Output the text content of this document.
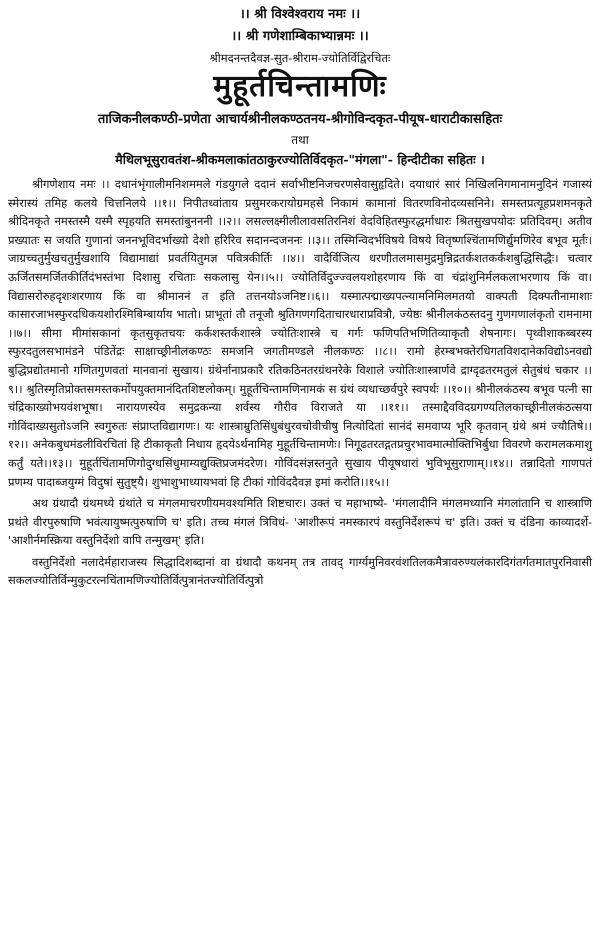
।। श्री विश्वेश्वराय नमः ।।
।। श्री गणेशाम्बिकाभ्यान्नमः ।।
श्रीमदनन्तदैवज्ञ-सुत-श्रीराम-ज्योतिर्विद्विरचितः
मुहूर्तचिन्तामणिः
ताजिकनीलकण्ठी-प्रणेता आचार्यश्रीनीलकण्ठतनय-श्रीगोविन्दकृत-पीयूष-धाराटीकासहितः
तथा
मैथिलभूसुरावतंश-श्रीकमलाकांतठाकुरज्योतिर्विदकृत-"मंगला"- हिन्दीटीका सहितः ।

श्रीगणेशाय नमः ।। दधानंभृंगालीमनिशममले गंडयुगले ददानं सर्वाभीष्टनिजचरणसेवासुहृदिते। दयाधारं सारं निखिलनिगमानामनुदिनं गजास्यं स्मेरास्यं तमिह कलये चित्तनिलये ।।१।। निपीतध्वांताय प्रसुमरकरायोग्रमहसे निकामं कामानां वितरणविनोदव्यसनिने। समस्तप्रत्यूहप्रशमनकृते श्रीदिनकृते नमस्तस्मै यस्मै स्पृहयति समस्तांबुनननी ।।२।। लसल्लक्ष्मीलीलावसतिरनिशं वेदविहितस्फुरद्धर्माधारः श्रितसुखपयोदः प्रतिदिवम्। अतीव प्रख्यातः स जयति गुणानां जननभूविदर्भाख्यो देशो हरिरिव सदानन्दजननः ।।३।। तस्मिन्विदर्भविषये विषये वितृष्णश्चिंतामणिर्द्युमणिरेव बभूव मूर्तः। जाग्रच्चतुर्मुखचतुर्मुखशायि विद्यामाद्यां प्रवर्तयितुमज्ञ पवित्रकीर्तिः ।।४।। वादैर्विजित्य धरणीतलमासमुद्रमुन्निद्रतर्कशतकर्कशबुद्धिसिद्धैः। चत्वार ऊर्जितसमर्जितकीर्तिदंभस्तंभा दिशासु रचिताः सकलासु येन।।५।। ज्योतिर्विदुज्ज्वलयशोहरणाय किं वा चंद्रांशुनिर्मलकलाभरणाय किं वा। विद्यासरोरुहदृशःशरणाय किं वा श्रीमाननं त इति तत्तनयोऽजनिष्ट।।६।। यस्मात्पद्माख्यपत्न्यामनिमिलमतयो वाक्पती दिक्पतीनामाशाः कासारजाभस्फुरदधिकयशोरश्मिबिम्बार्याय भातो। प्राभूतां तौ तनूजौ श्रुतिगणगदिताचारधाराप्रवित्रौ, ज्येष्ठः श्रीनीलकंठस्तदनु गुणगणालंकृतो रामनामा ।।७।। सीमा मीमांसकानां कृतसुकृतचयः कर्कशस्तर्कशास्त्रे ज्योतिःशास्त्रे च गर्गः फणिपतिभणितिव्याकृतौ शेषनागः। पृथ्वीशाकब्बरस्य स्फुरदतुलसभामंडने पंडितेंद्रः साक्षाच्छ्रीनीलकण्ठः समजनि जगतीमण्डले नीलकण्ठः ।।८।। रामो हेरम्बभक्तेरधिगतविशदानेकविद्योऽनवद्यो बुद्धिप्रद्योतमानो गणितगुणवतां मानवानां सुखाय। ग्रंथेर्नानाप्रकारै रतिकठिनतरग्रंथनरेके विशाले ज्योतिःशास्त्रार्णवे द्राग्दृढतरमतुलं सेतुबंधं चकार ।।९।। श्रुतिस्मृतिप्रोक्तसमस्तकर्मोपयुक्तमानंदितशिष्टलोकम्। मुहूर्तचिन्तामणिनामकं स ग्रंथं व्यधाच्छर्वपुरे स्वपर्थः ।।१०।। श्रीनीलकंठस्य बभूव पत्नी सा चंद्रिकाख्योभयवंशभूषा। नारायणस्येव समुद्रकन्या शर्वस्य गौरीव विराजते या ।।११।। तस्माद्दैवविदग्रगण्यतिलकाच्छ्रीनीलकंठत्सया गोविंदाख्यसुतोऽजनि स्वगुरुतः संप्राप्तविद्यागणः। यः शास्त्राम्रुतिसिंधुबंधुरवचोवीचीषु नित्योदितां सानंदं समवाप्य भूरि कृतवान् ग्रंथे श्रमं ज्यौतिषे।।१२।। अनेकबुधमंडलीविरचितां हि टीकाकृतौ निधाय हृदयेऽर्थनामिह मुहूर्तचिन्तामणेः। निगूढतरतद्गतप्रचुरभावमात्मोक्तिभिर्बुधा विवरणे करामलकमाशु कर्तुं यते।।१३।। मुहूर्तचिंतामणिगोदुग्धसिंधुमाम्यद्युक्तिप्रजमंदरेण। गोविंदसंज्ञस्तनुते सुखाय पीयूषधारां भुविभूसुराणाम्।।१४।। तन्नादितो गाणपतं प्रणम्य पादाब्जयुग्मं विदुषां सुतुष्ट्यै। शुभाशुभाध्यायभवां हि टीकां गोविंददैवज्ञ इमां करोति।।१५।।

अथ ग्रंथादौ ग्रंथमध्ये ग्रंथांते च मंगलमाचरणीयमवश्यमिति शिष्टचारः। उक्तं च महाभाष्ये- 'मंगलादीनि मंगलमध्यानि मंगलांतानि च शास्त्राणि प्रथंते वीरपुरुषाणि भवंत्यायुष्मत्पुरुषाणि च' इति। तच्च मंगलं त्रिविधं- 'आशीरूपं नमस्कारपं वस्तुनिर्देशरूपं च' इति। उक्तं च दंडिना काव्यादर्शे- 'आशीर्नमस्क्रिया वस्तुनिर्देशो वापि तन्मुखम्' इति।

वस्तुनिर्देशो नलादेर्महाराजस्य सिद्धादिशब्दानां वा ग्रंथादौ कथनम् तत्र तावद् गार्ग्यमुनिवरवंशतिलकमैत्रावरुण्यलंकारदिगंतर्गतमातपुरनिवासी सकलज्योतिर्विन्मुकुटरत्नचिंतामणिज्योतिर्वित्पुत्रानंतज्योतिर्वित्पुत्रो
